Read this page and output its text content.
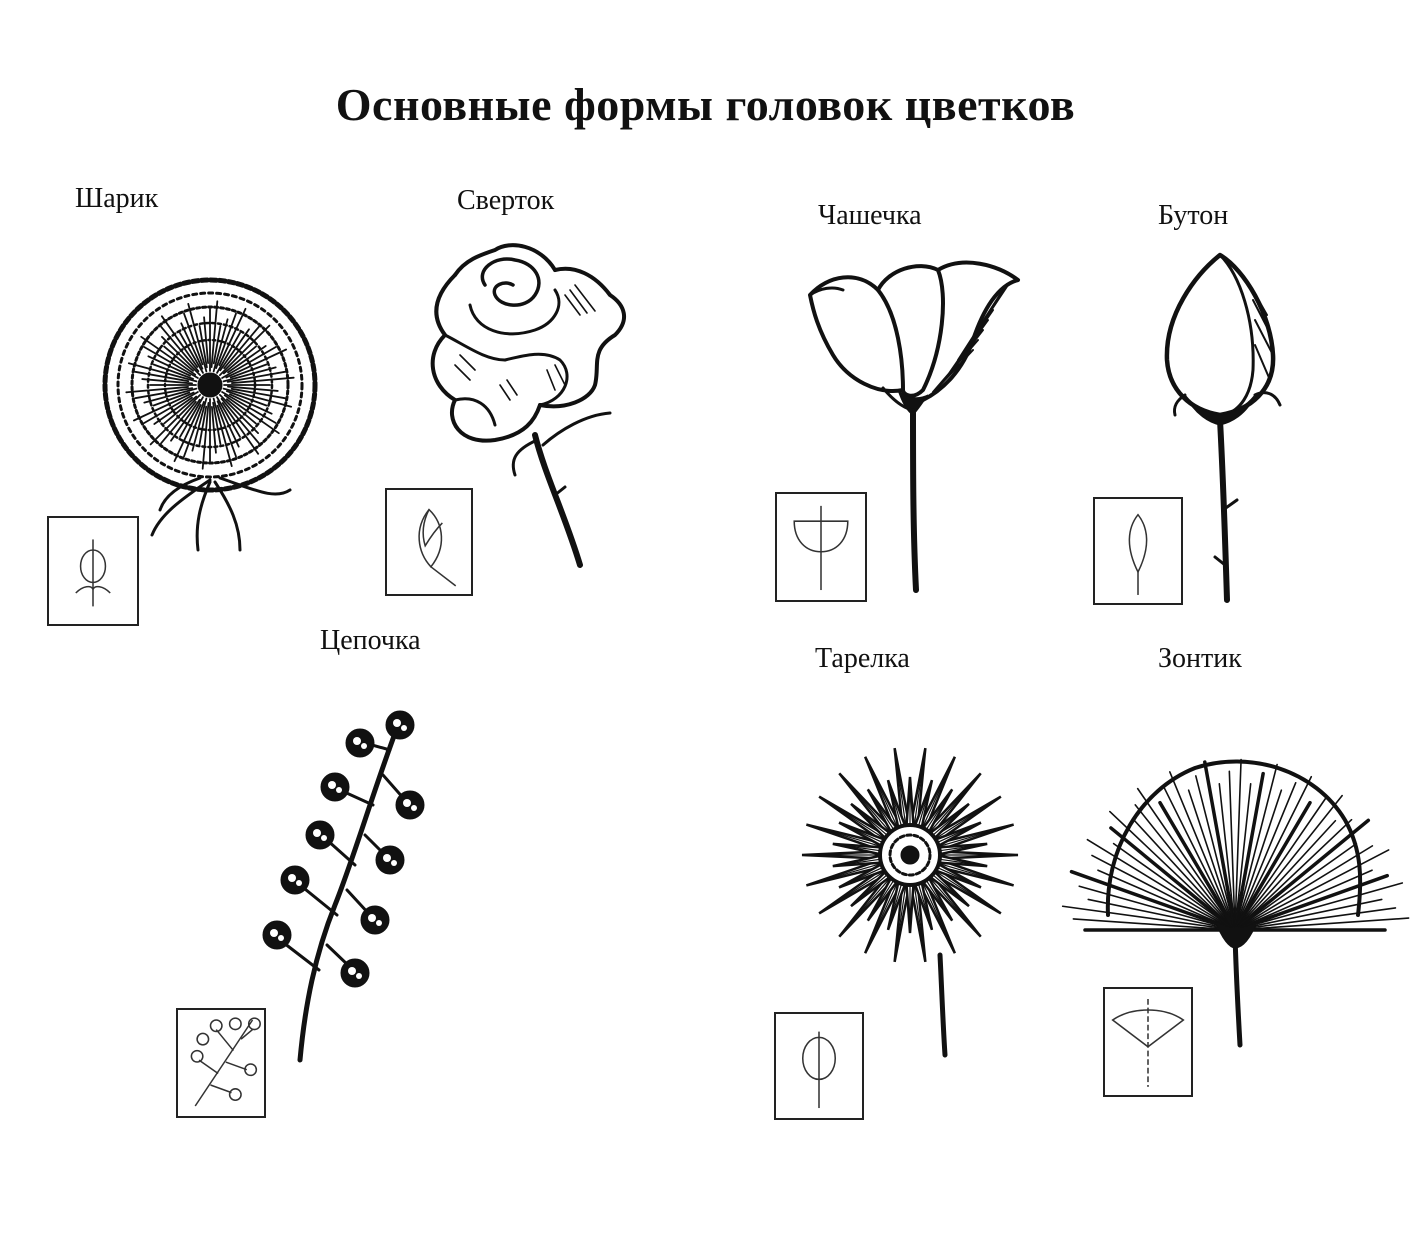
Основные формы головок цветков
Шарик	Сверток	Чашечка	Бутон
Цепочка
Тарелка	Зонтик
